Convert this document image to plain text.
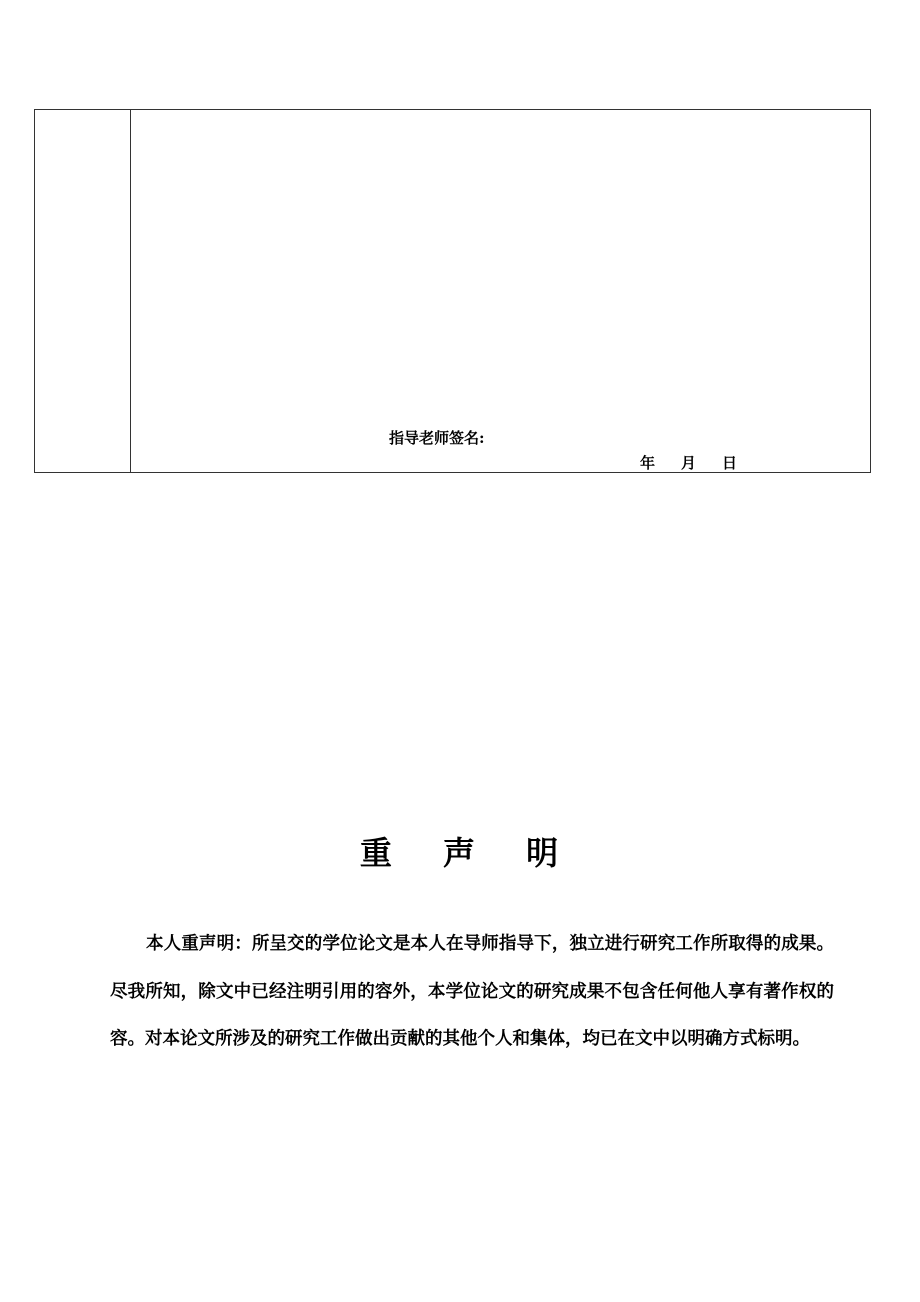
指导老师签名:
年 月 日
重 声 明

本人重声明：所呈交的学位论文是本人在导师指导下，独立进行研究工作所取得的成果。尽我所知，除文中已经注明引用的容外，本学位论文的研究成果不包含任何他人享有著作权的容。对本论文所涉及的研究工作做出贡献的其他个人和集体，均已在文中以明确方式标明。
